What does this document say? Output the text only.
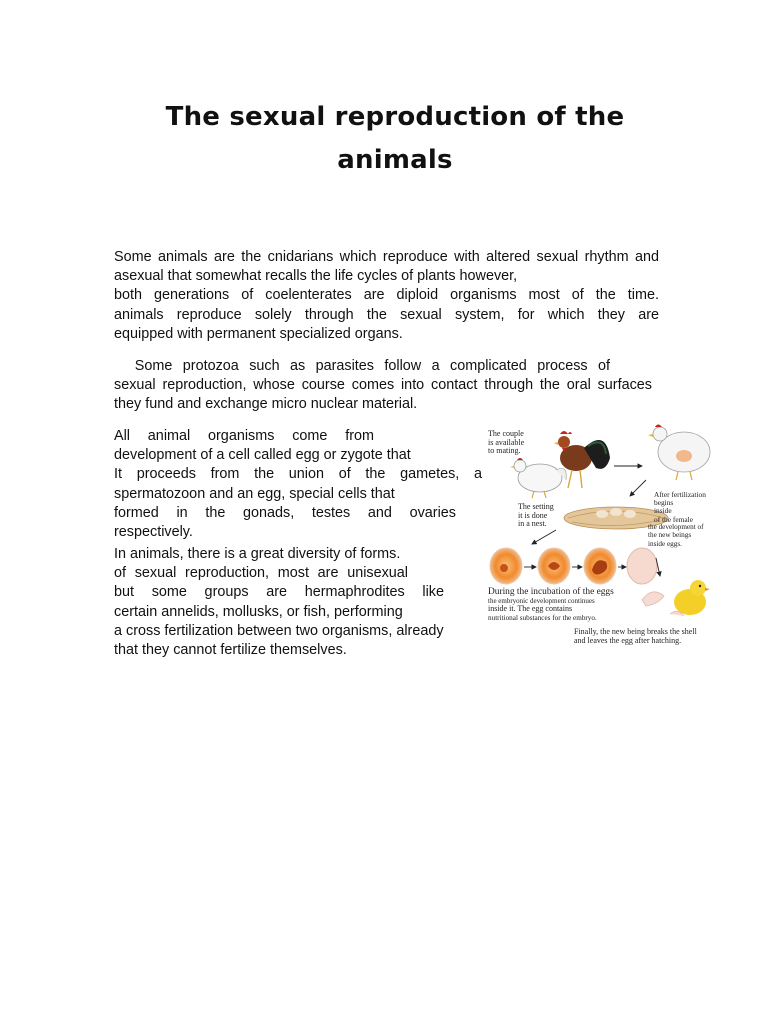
The sexual reproduction of the
animals
Some animals are the cnidarians which reproduce with altered sexual rhythm and
asexual that somewhat recalls the life cycles of plants however,
both generations of coelenterates are diploid organisms most of the time.
animals reproduce solely through the sexual system, for which they are
equipped with permanent specialized organs.
Some protozoa such as parasites follow a complicated process of
sexual reproduction, whose course comes into contact through the oral surfaces
they fund and exchange micro nuclear material.
All animal organisms come from
development of a cell called egg or zygote that
It proceeds from the union of the gametes, a
spermatozoon and an egg, special cells that
formed in the gonads, testes and ovaries
respectively.
In animals, there is a great diversity of forms.
of sexual reproduction, most are unisexual
but some groups are hermaphrodites like
certain annelids, mollusks, or fish, performing
a cross fertilization between two organisms, already
that they cannot fertilize themselves.
The couple
is available
to mating.
After fertilization
begins
inside
of the female
the development of
the new beings
inside eggs.
The setting
it is done
in a nest.
During the incubation of the eggs
the embryonic development continues
inside it. The egg contains
nutritional substances for the embryo.
Finally, the new being breaks the shell
and leaves the egg after hatching.
